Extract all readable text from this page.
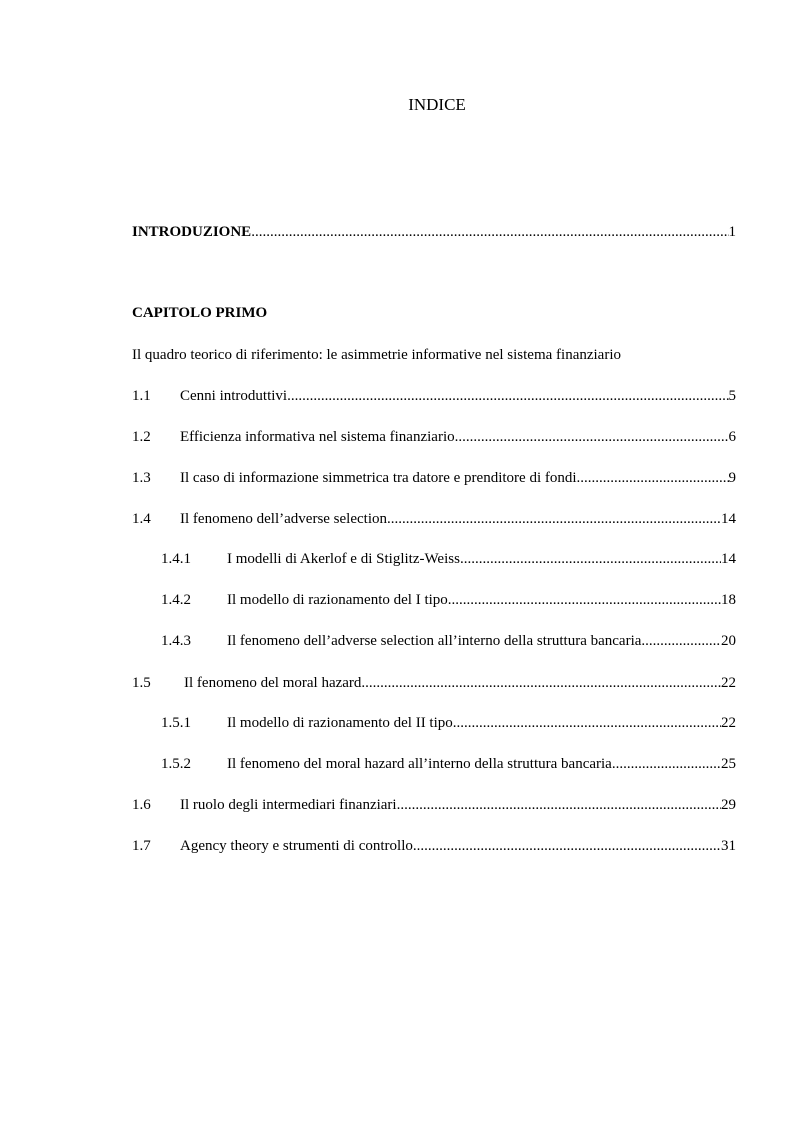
INDICE
INTRODUZIONE .....	1
CAPITOLO PRIMO
Il quadro teorico di riferimento: le asimmetrie informative nel sistema finanziario
1.1	Cenni introduttivi .....	5
1.2	Efficienza informativa nel sistema finanziario .....	6
1.3	Il caso di informazione simmetrica tra datore e prenditore di fondi .....	9
1.4	Il fenomeno dell’adverse selection .....	14
1.4.1	I modelli di Akerlof e di Stiglitz-Weiss .....	14
1.4.2	Il modello di razionamento del I tipo .....	18
1.4.3	Il fenomeno dell’adverse selection all’interno della struttura bancaria .....	20
1.5	Il fenomeno del moral hazard .....	22
1.5.1	Il modello di razionamento del II tipo .....	22
1.5.2	Il fenomeno del moral hazard all’interno della struttura bancaria .....	25
1.6	Il ruolo degli intermediari finanziari .....	29
1.7	Agency theory e strumenti di controllo .....	31
